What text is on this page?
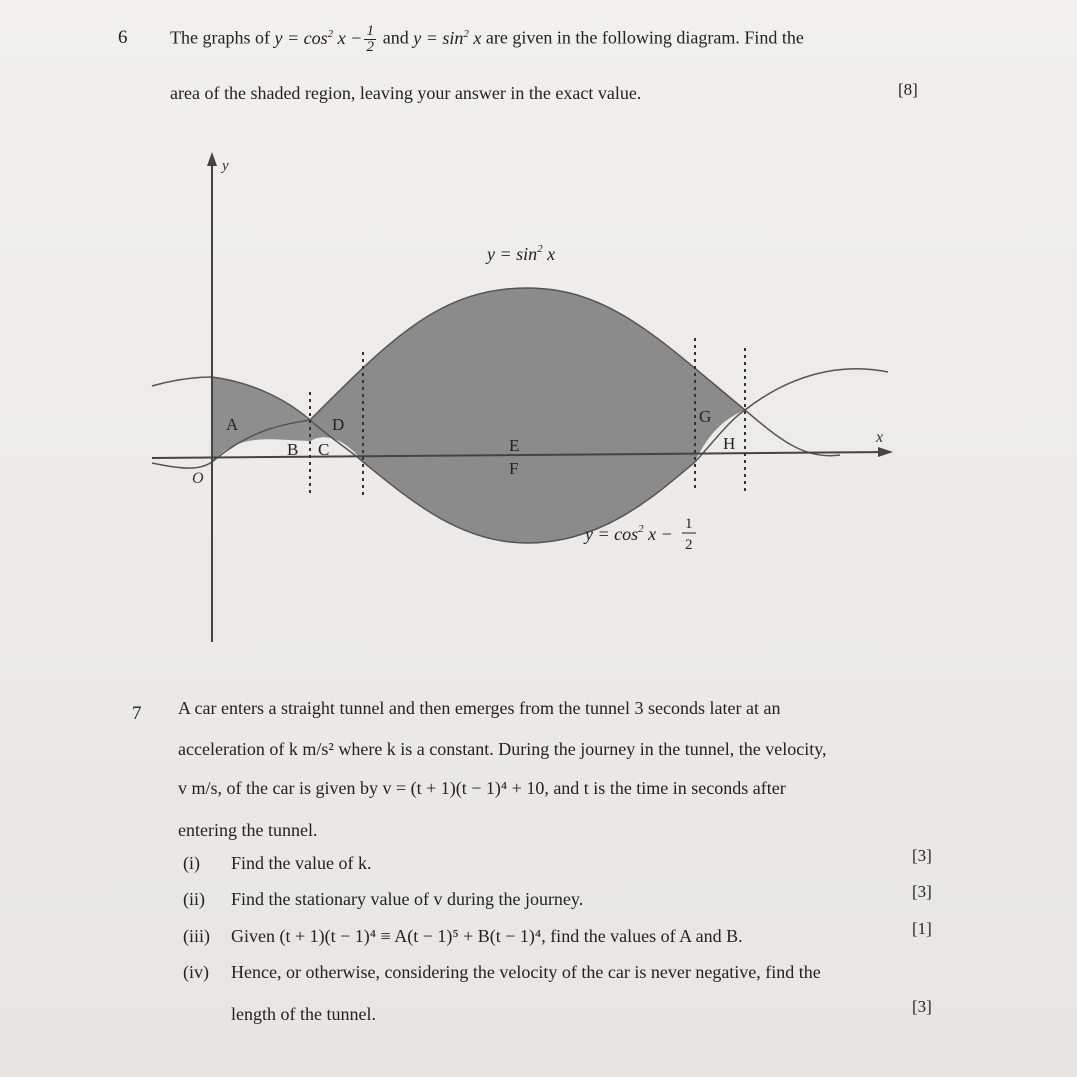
6 The graphs of $y = \cos^2 x - \frac{1}{2}$ and $y = \sin^2 x$ are given in the following diagram. Find the
area of the shaded region, leaving your answer in the exact value.	[8]
y
x
O
A
B C
D
E
F
G
H
$y = \sin^2 x$
$y = \cos^2 x - 1$
2
7 A car enters a straight tunnel and then emerges from the tunnel 3 seconds later at an
acceleration of k m/s² where k is a constant. During the journey in the tunnel, the velocity,
v m/s, of the car is given by v = (t + 1)(t − 1)⁴ + 10, and t is the time in seconds after
entering the tunnel.
(i) Find the value of k.	[3]
(ii) Find the stationary value of v during the journey.	[3]
(iii) Given (t + 1)(t − 1)⁴ ≡ A(t − 1)⁵ + B(t − 1)⁴, find the values of A and B.	[1]
(iv) Hence, or otherwise, considering the velocity of the car is never negative, find the
length of the tunnel.	[3]
